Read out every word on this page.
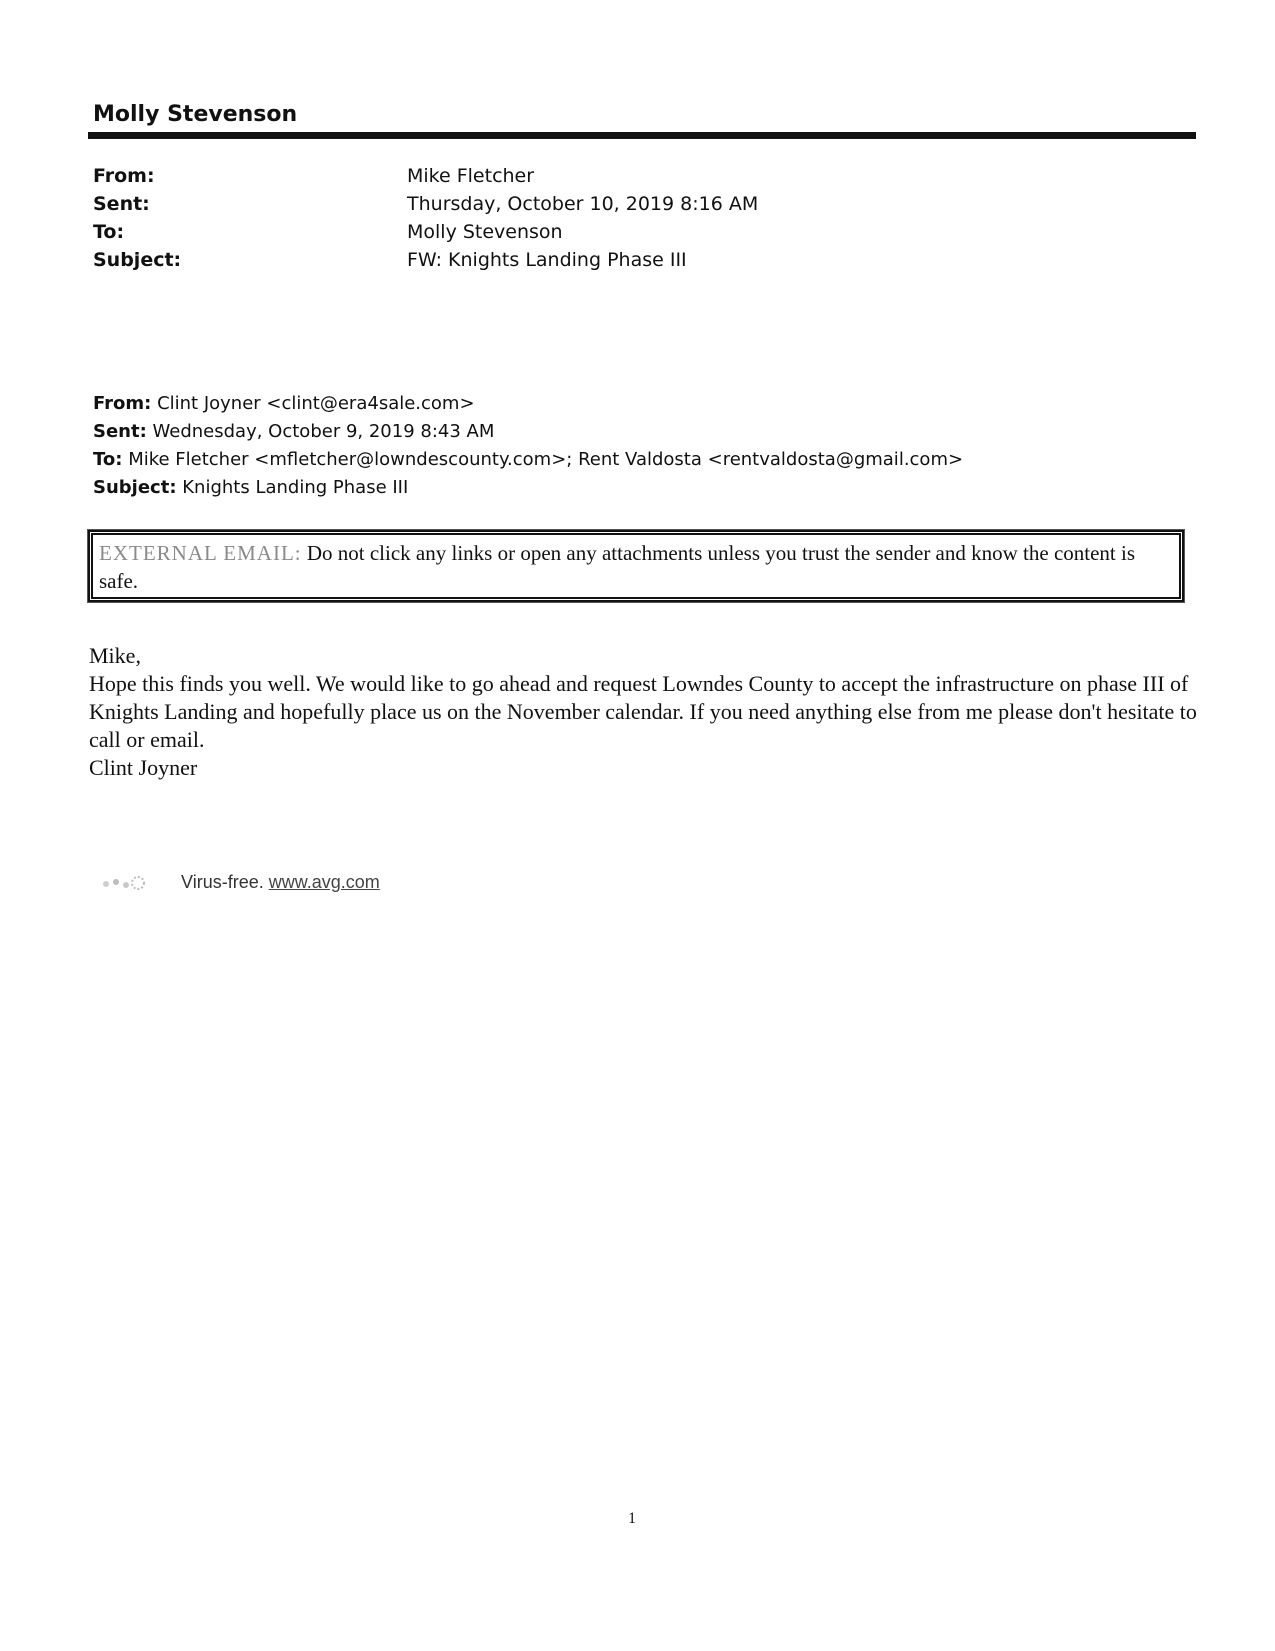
Molly Stevenson
From:	Mike Fletcher
Sent:	Thursday, October 10, 2019 8:16 AM
To:	Molly Stevenson
Subject:	FW: Knights Landing Phase III
From: Clint Joyner <clint@era4sale.com>
Sent: Wednesday, October 9, 2019 8:43 AM
To: Mike Fletcher <mfletcher@lowndescounty.com>; Rent Valdosta <rentvaldosta@gmail.com>
Subject: Knights Landing Phase III
EXTERNAL EMAIL: Do not click any links or open any attachments unless you trust the sender and know the content is safe.

Mike,

Hope this finds you well. We would like to go ahead and request Lowndes County to accept the infrastructure on phase III of Knights Landing and hopefully place us on the November calendar. If you need anything else from me please don't hesitate to call or email.

Clint Joyner

Virus-free. www.avg.com
1
